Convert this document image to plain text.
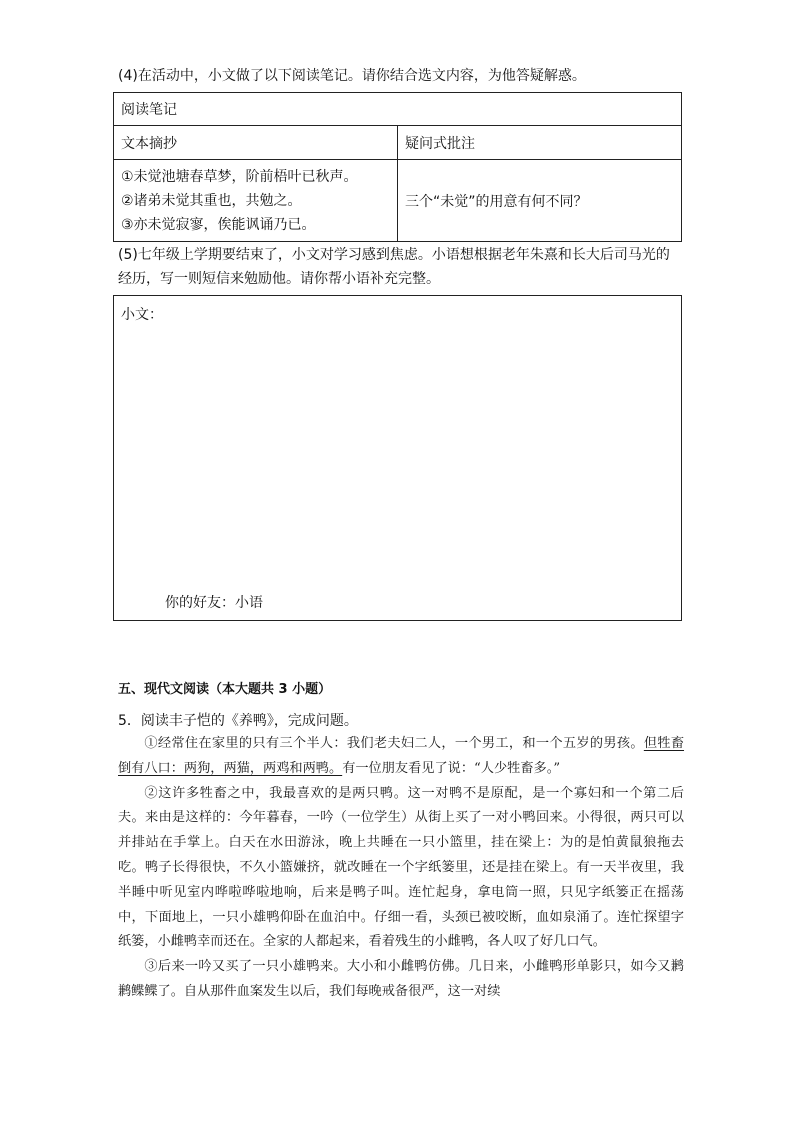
(4)在活动中，小文做了以下阅读笔记。请你结合选文内容，为他答疑解惑。
阅读笔记	
文本摘抄	疑问式批注

①未觉池塘春草梦，阶前梧叶已秋声。
②诸弟未觉其重也，共勉之。
③亦未觉寂寥，俟能讽诵乃已。	三个“未觉”的用意有何不同？
(5)七年级上学期要结束了，小文对学习感到焦虑。小语想根据老年朱熹和长大后司马光的经历，写一则短信来勉励他。请你帮小语补充完整。
小文：
你的好友：小语
五、现代文阅读（本大题共 3 小题）
5．阅读丰子恺的《养鸭》，完成问题。

①经常住在家里的只有三个半人：我们老夫妇二人，一个男工，和一个五岁的男孩。但牲畜倒有八口：两狗，两猫，两鸡和两鸭。有一位朋友看见了说：“人少牲畜多。”

②这许多牲畜之中，我最喜欢的是两只鸭。这一对鸭不是原配，是一个寡妇和一个第二后夫。来由是这样的：今年暮春，一吟（一位学生）从街上买了一对小鸭回来。小得很，两只可以并排站在手掌上。白天在水田游泳，晚上共睡在一只小篮里，挂在梁上：为的是怕黄鼠狼拖去吃。鸭子长得很快，不久小篮嫌挤，就改睡在一个字纸篓里，还是挂在梁上。有一天半夜里，我半睡中听见室内哗啦哗啦地响，后来是鸭子叫。连忙起身，拿电筒一照，只见字纸篓正在摇荡中，下面地上，一只小雄鸭仰卧在血泊中。仔细一看，头颈已被咬断，血如泉涌了。连忙探望字纸篓，小雌鸭幸而还在。全家的人都起来，看着残生的小雌鸭，各人叹了好几口气。

③后来一吟又买了一只小雄鸭来。大小和小雌鸭仿佛。几日来，小雌鸭形单影只，如今又鹣鹣鲽鲽了。自从那件血案发生以后，我们每晚戒备很严，这一对续
